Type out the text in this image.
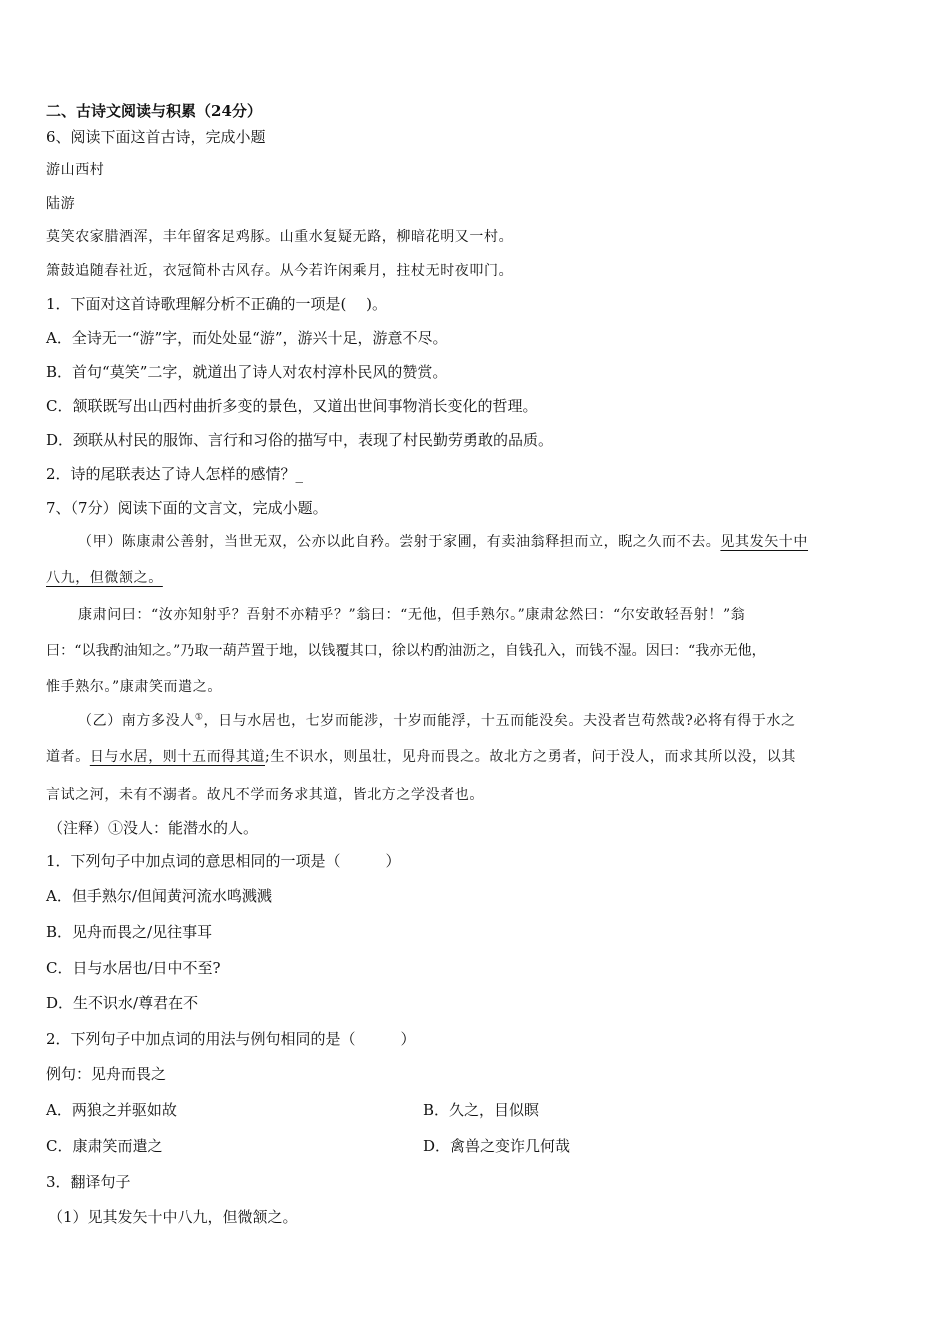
二、古诗文阅读与积累（24分）
6、阅读下面这首古诗，完成小题
游山西村
陆游
莫笑农家腊酒浑，丰年留客足鸡豚。山重水复疑无路，柳暗花明又一村。
箫鼓追随春社近，衣冠简朴古风存。从今若许闲乘月，拄杖无时夜叩门。
1．下面对这首诗歌理解分析不正确的一项是(　 )。
A．全诗无一“游”字，而处处显“游”，游兴十足，游意不尽。
B．首句“莫笑”二字，就道出了诗人对农村淳朴民风的赞赏。
C．颔联既写出山西村曲折多变的景色，又道出世间事物消长变化的哲理。
D．颈联从村民的服饰、言行和习俗的描写中，表现了村民勤劳勇敢的品质。
2．诗的尾联表达了诗人怎样的感情？_
7、（7分）阅读下面的文言文，完成小题。
（甲）陈康肃公善射，当世无双，公亦以此自矜。尝射于家圃，有卖油翁释担而立，睨之久而不去。见其发矢十中
八九，但微颔之。
康肃问曰：“汝亦知射乎？吾射不亦精乎？”翁曰：“无他，但手熟尔。”康肃忿然曰：“尔安敢轻吾射！”翁
曰：“以我酌油知之。”乃取一葫芦置于地，以钱覆其口，徐以杓酌油沥之，自钱孔入，而钱不湿。因曰：“我亦无他，
惟手熟尔。”康肃笑而遣之。
（乙）南方多没人①，日与水居也，七岁而能涉，十岁而能浮，十五而能没矣。夫没者岂苟然哉?必将有得于水之
道者。日与水居，则十五而得其道;生不识水，则虽壮，见舟而畏之。故北方之勇者，问于没人，而求其所以没，以其
言试之河，未有不溺者。故凡不学而务求其道，皆北方之学没者也。
（注释）①没人：能潜水的人。
1．下列句子中加点词的意思相同的一项是（　　　）
A．但手熟尔/但闻黄河流水鸣溅溅
B．见舟而畏之/见往事耳
C．日与水居也/日中不至?
D．生不识水/尊君在不
2．下列句子中加点词的用法与例句相同的是（　　　）
例句：见舟而畏之
A．两狼之并驱如故	B．久之，目似瞑
C．康肃笑而遣之	D．禽兽之变诈几何哉
3．翻译句子
（1）见其发矢十中八九，但微颔之。
